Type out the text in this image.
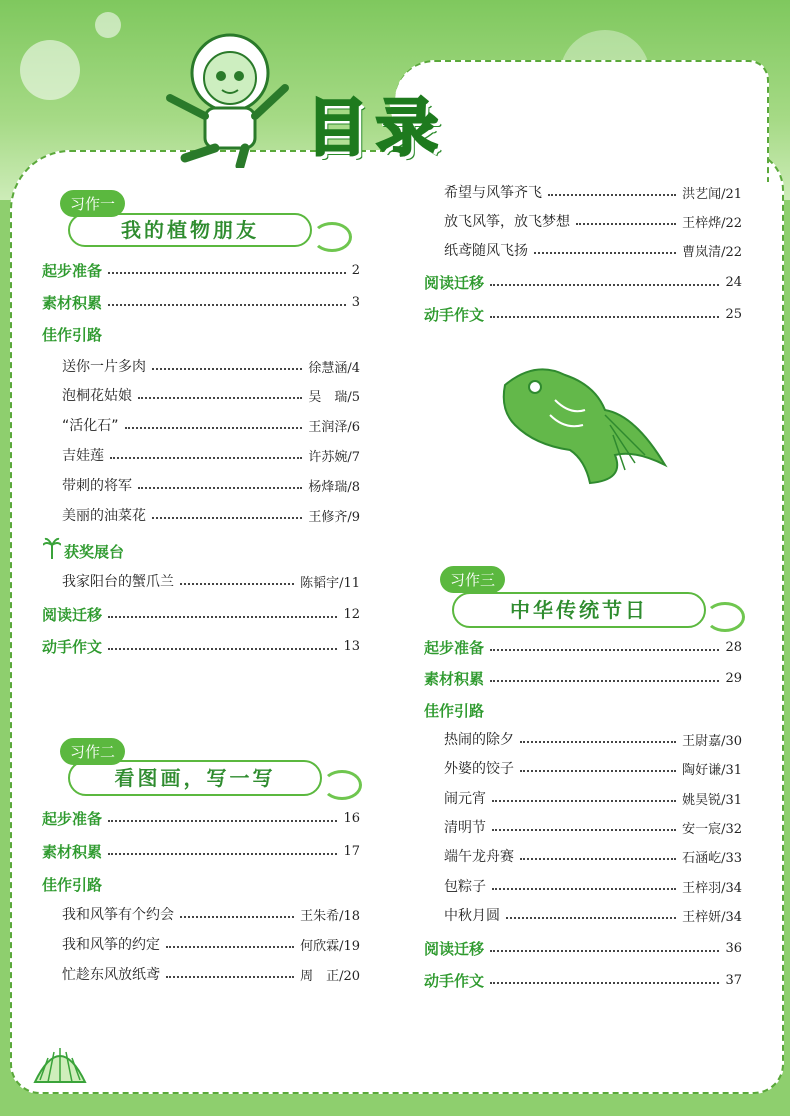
目录
我的植物朋友
习作一
起步准备	2
素材积累	3
佳作引路
送你一片多肉	徐慧涵/4
泡桐花姑娘	吴　瑞/5
“活化石”	王润泽/6
吉娃莲	许苏婉/7
带刺的将军	杨烽瑞/8
美丽的油菜花	王修齐/9
获奖展台
我家阳台的蟹爪兰	陈韬宇/11
阅读迁移	12
动手作文	13
看图画，写一写
习作二
起步准备	16
素材积累	17
佳作引路
我和风筝有个约会	王朱希/18
我和风筝的约定	何欣霖/19
忙趁东风放纸鸢	周　正/20
希望与风筝齐飞	洪艺闻/21
放飞风筝，放飞梦想	王梓烨/22
纸鸢随风飞扬	曹岚清/22
阅读迁移	24
动手作文	25
中华传统节日
习作三
起步准备	28
素材积累	29
佳作引路
热闹的除夕	王尉嘉/30
外婆的饺子	陶好谦/31
闹元宵	姚昊锐/31
清明节	安一宸/32
端午龙舟赛	石涵屹/33
包粽子	王梓羽/34
中秋月圆	王梓妍/34
阅读迁移	36
动手作文	37
